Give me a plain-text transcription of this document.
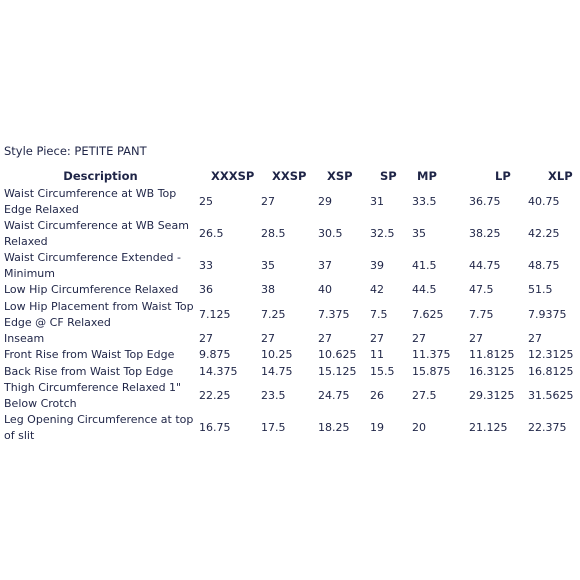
Style Piece: PETITE PANT
Description	XXXSP	XXSP	XSP	SP	MP	LP	XLP
Waist Circumference at WB Top Edge Relaxed	25	27	29	31	33.5	36.75	40.75
Waist Circumference at WB Seam Relaxed	26.5	28.5	30.5	32.5	35	38.25	42.25
Waist Circumference Extended - Minimum	33	35	37	39	41.5	44.75	48.75
Low Hip Circumference Relaxed	36	38	40	42	44.5	47.5	51.5
Low Hip Placement from Waist Top Edge @ CF Relaxed	7.125	7.25	7.375	7.5	7.625	7.75	7.9375
Inseam	27	27	27	27	27	27	27
Front Rise from Waist Top Edge	9.875	10.25	10.625	11	11.375	11.8125	12.3125
Back Rise from Waist Top Edge	14.375	14.75	15.125	15.5	15.875	16.3125	16.8125
Thigh Circumference Relaxed 1" Below Crotch	22.25	23.5	24.75	26	27.5	29.3125	31.5625
Leg Opening Circumference at top of slit	16.75	17.5	18.25	19	20	21.125	22.375
